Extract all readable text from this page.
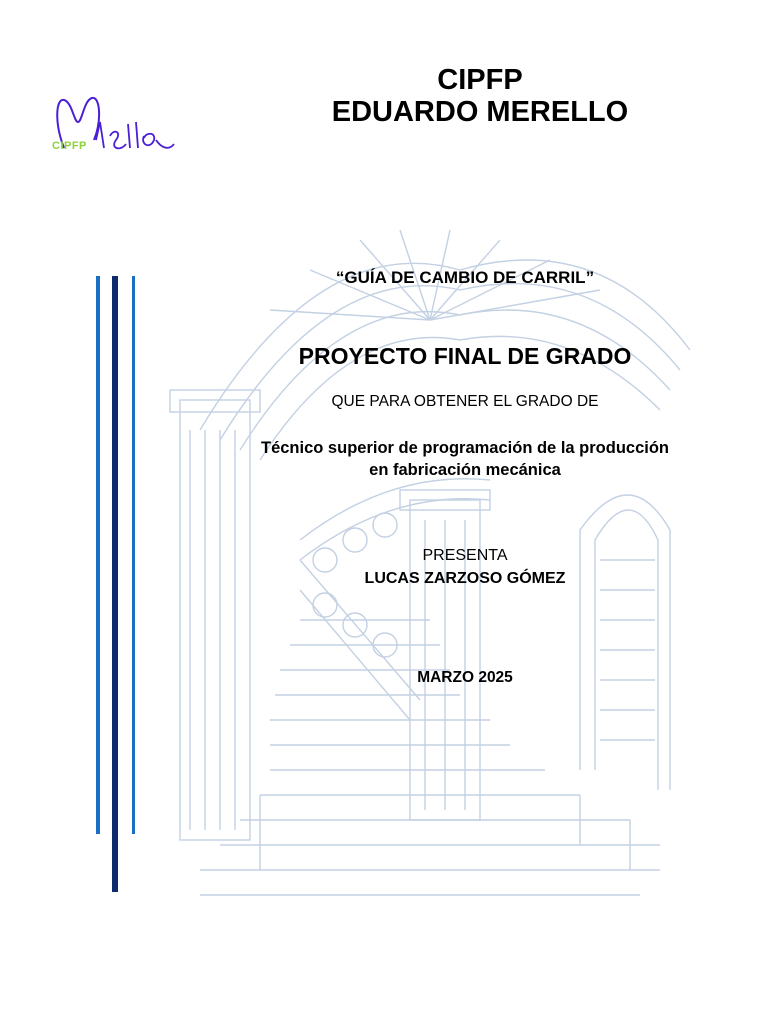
CIPFP
CIPFP
EDUARDO MERELLO
“GUÍA DE CAMBIO DE CARRIL”
PROYECTO FINAL DE GRADO
QUE PARA OBTENER EL GRADO DE
Técnico superior de programación de la producción
en fabricación mecánica
PRESENTA
LUCAS ZARZOSO GÓMEZ
MARZO 2025
